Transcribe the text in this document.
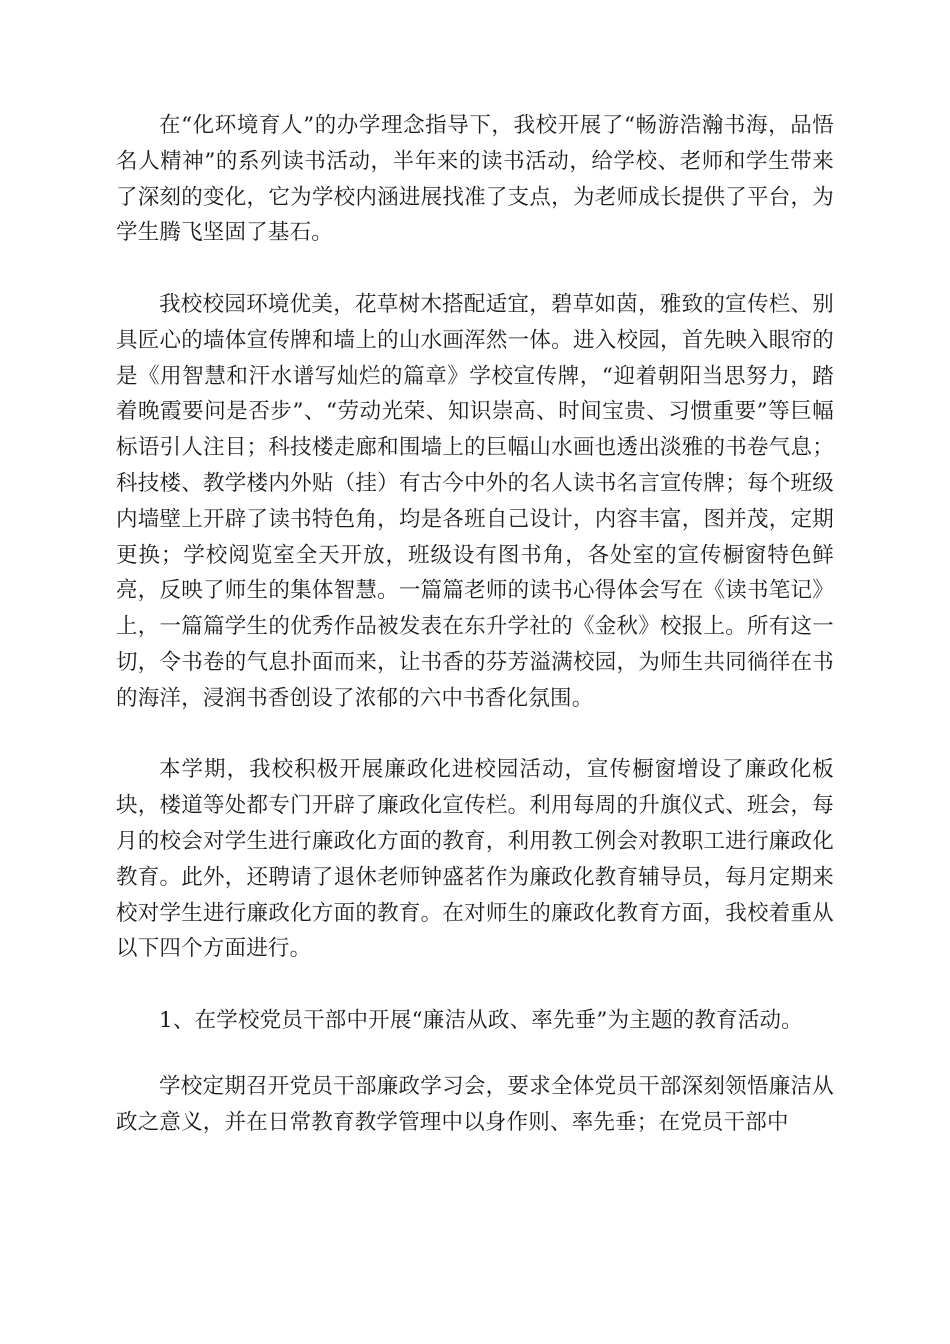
在“化环境育人”的办学理念指导下，我校开展了“畅游浩瀚书海，品悟名人精神”的系列读书活动，半年来的读书活动，给学校、老师和学生带来了深刻的变化，它为学校内涵进展找准了支点，为老师成长提供了平台，为学生腾飞坚固了基石。

我校校园环境优美，花草树木搭配适宜，碧草如茵，雅致的宣传栏、别具匠心的墙体宣传牌和墙上的山水画浑然一体。进入校园，首先映入眼帘的是《用智慧和汗水谱写灿烂的篇章》学校宣传牌，“迎着朝阳当思努力，踏着晚霞要问是否步”、“劳动光荣、知识崇高、时间宝贵、习惯重要”等巨幅标语引人注目；科技楼走廊和围墙上的巨幅山水画也透出淡雅的书卷气息；科技楼、教学楼内外贴（挂）有古今中外的名人读书名言宣传牌；每个班级内墙壁上开辟了读书特色角，均是各班自己设计，内容丰富，图并茂，定期更换；学校阅览室全天开放，班级设有图书角，各处室的宣传橱窗特色鲜亮，反映了师生的集体智慧。一篇篇老师的读书心得体会写在《读书笔记》上，一篇篇学生的优秀作品被发表在东升学社的《金秋》校报上。所有这一切，令书卷的气息扑面而来，让书香的芬芳溢满校园，为师生共同徜徉在书的海洋，浸润书香创设了浓郁的六中书香化氛围。

本学期，我校积极开展廉政化进校园活动，宣传橱窗增设了廉政化板块，楼道等处都专门开辟了廉政化宣传栏。利用每周的升旗仪式、班会，每月的校会对学生进行廉政化方面的教育，利用教工例会对教职工进行廉政化教育。此外，还聘请了退休老师钟盛茗作为廉政化教育辅导员，每月定期来校对学生进行廉政化方面的教育。在对师生的廉政化教育方面，我校着重从以下四个方面进行。

1、在学校党员干部中开展“廉洁从政、率先垂”为主题的教育活动。

学校定期召开党员干部廉政学习会，要求全体党员干部深刻领悟廉洁从政之意义，并在日常教育教学管理中以身作则、率先垂；在党员干部中
